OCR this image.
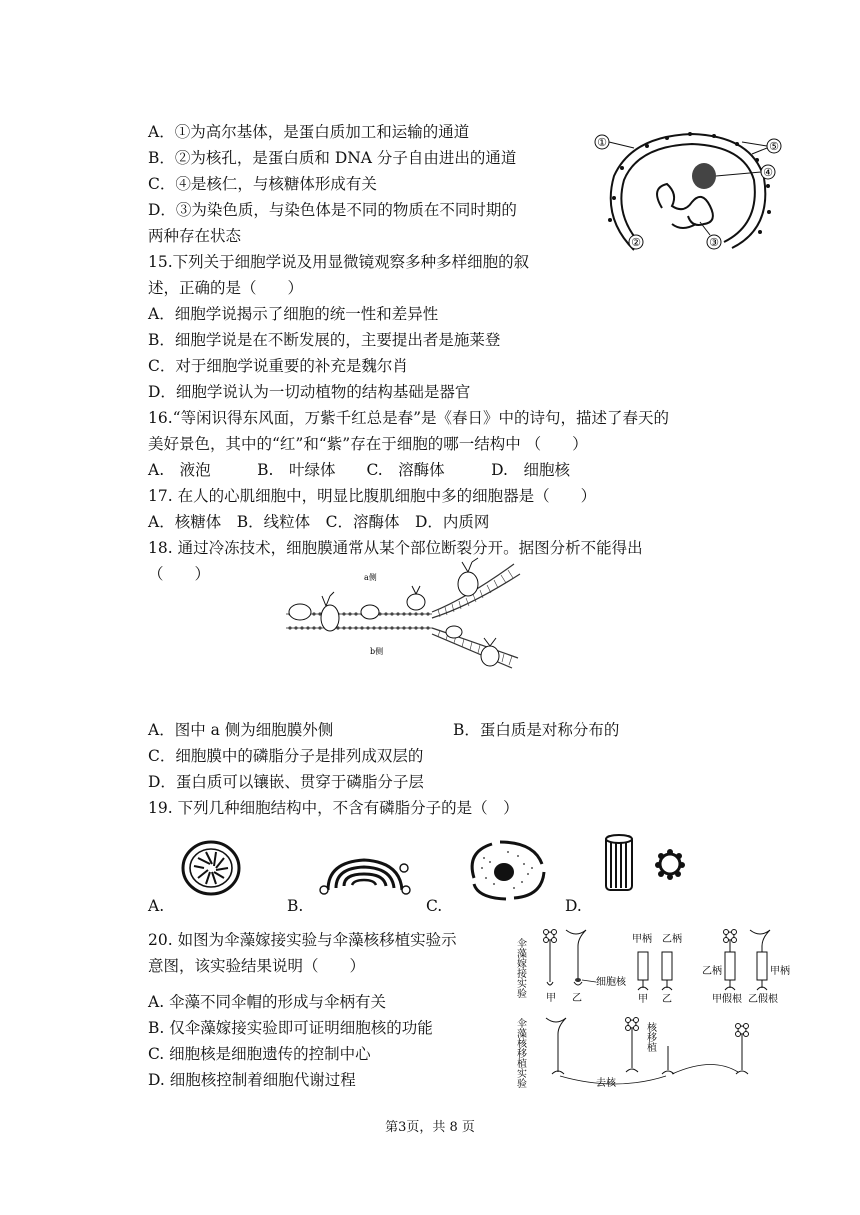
A．①为高尔基体，是蛋白质加工和运输的通道
B．②为核孔，是蛋白质和 DNA 分子自由进出的通道
C．④是核仁，与核糖体形成有关
D．③为染色质，与染色体是不同的物质在不同时期的
两种存在状态
①	⑤
④
②	③
15.下列关于细胞学说及用显微镜观察多种多样细胞的叙
述，正确的是（　　）
A．细胞学说揭示了细胞的统一性和差异性
B．细胞学说是在不断发展的，主要提出者是施莱登
C．对于细胞学说重要的补充是魏尔肖
D．细胞学说认为一切动植物的结构基础是器官
16.“等闲识得东风面，万紫千红总是春”是《春日》中的诗句，描述了春天的
美好景色，其中的“红”和“紫”存在于细胞的哪一结构中 （　　）
A.　液泡　　　B.　叶绿体　　C.　溶酶体　　　D.　细胞核
17. 在人的心肌细胞中，明显比腹肌细胞中多的细胞器是（　　）
A．核糖体　B．线粒体　C．溶酶体　D．内质网
18. 通过冷冻技术，细胞膜通常从某个部位断裂分开。据图分析不能得出
（　　）	a侧
b侧
A．图中 a 侧为细胞膜外侧	B．蛋白质是对称分布的
C．细胞膜中的磷脂分子是排列成双层的
D．蛋白质可以镶嵌、贯穿于磷脂分子层
19. 下列几种细胞结构中，不含有磷脂分子的是（　）
A.	B.	C.	D.
20. 如图为伞藻嫁接实验与伞藻核移植实验示
意图，该实验结果说明（　　）
A. 伞藻不同伞帽的形成与伞柄有关
B. 仅伞藻嫁接实验即可证明细胞核的功能
C. 细胞核是细胞遗传的控制中心
D. 细胞核控制着细胞代谢过程
伞藻嫁接实验
伞藻核移植实验
细胞核
甲 乙
甲柄 乙柄
甲 乙
乙柄	甲柄
甲假根 乙假根
核移植
去核
第3页，共 8 页
